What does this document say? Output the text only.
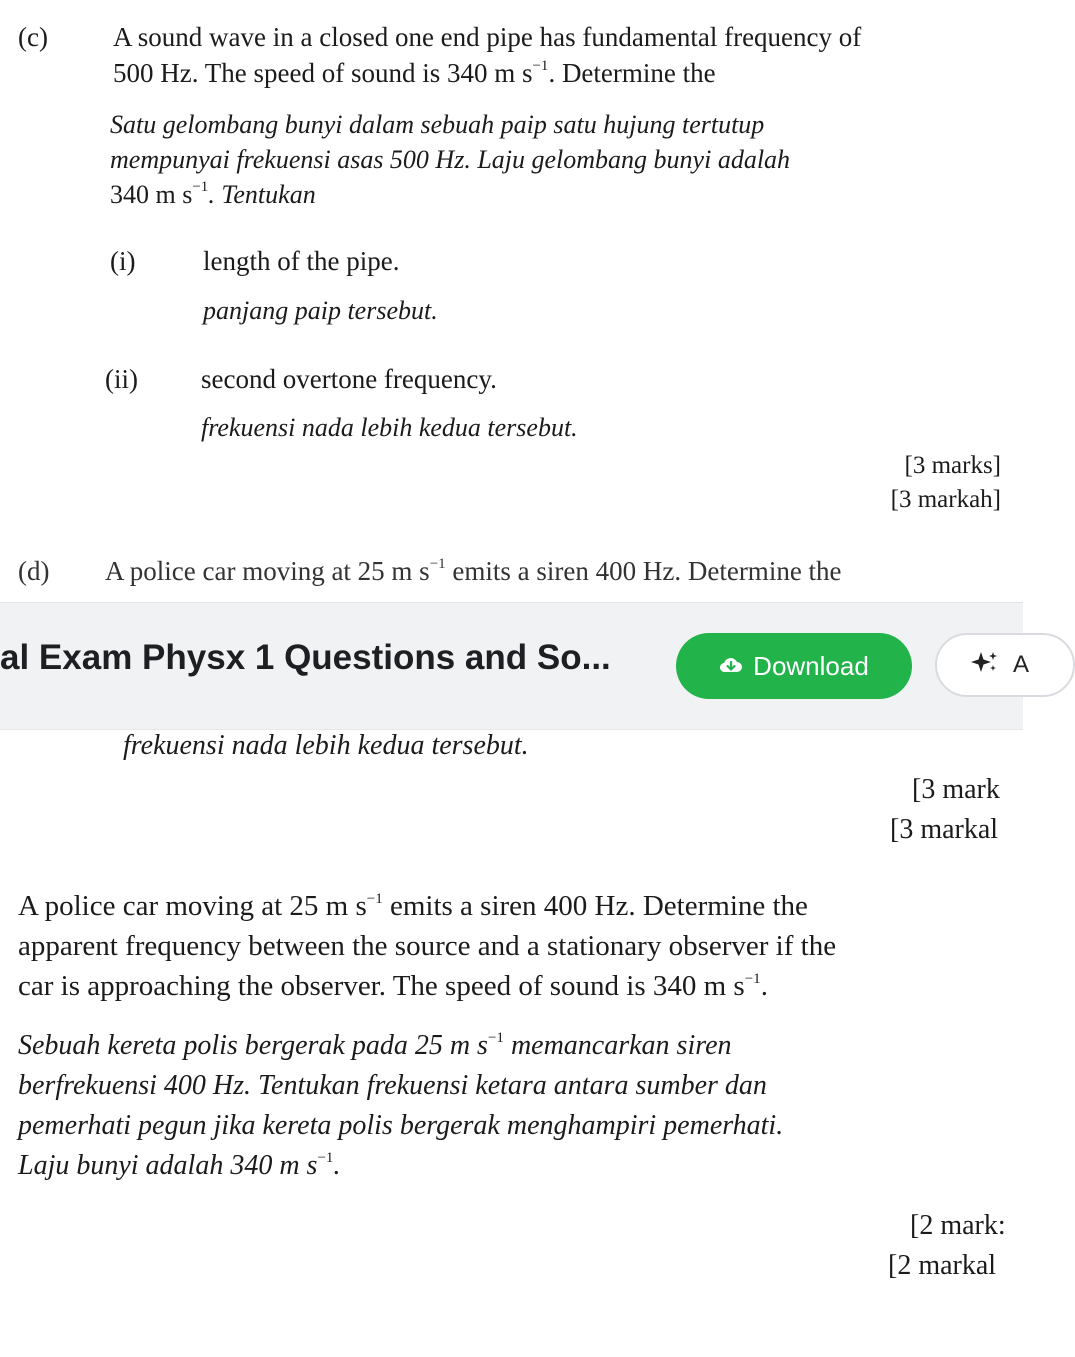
(c) A sound wave in a closed one end pipe has fundamental frequency of
500 Hz. The speed of sound is 340 m $s^{-1}$. Determine the
Satu gelombang bunyi dalam sebuah paip satu hujung tertutup
mempunyai frekuensi asas 500 Hz. Laju gelombang bunyi adalah
340 m $s^{-1}$. Tentukan
(i)	length of the pipe.
panjang paip tersebut.
(ii) second overtone frequency.
frekuensi nada lebih kedua tersebut.
[3 marks]
[3 markah]
(d) A police car moving at 25 m $s^{-1}$ emits a siren 400 Hz. Determine the
al Exam Physx 1 Questions and So...	Download	A
frekuensi nada lebih kedua tersebut.
[3 mark
[3 markal
A police car moving at 25 m $s^{-1}$ emits a siren 400 Hz. Determine the
apparent frequency between the source and a stationary observer if the
car is approaching the observer. The speed of sound is 340 m $s^{-1}$.
Sebuah kereta polis bergerak pada 25 m $s^{-1}$ memancarkan siren
berfrekuensi 400 Hz. Tentukan frekuensi ketara antara sumber dan
pemerhati pegun jika kereta polis bergerak menghampiri pemerhati.
Laju bunyi adalah 340 m $s^{-1}$.
[2 mark:
[2 markal
